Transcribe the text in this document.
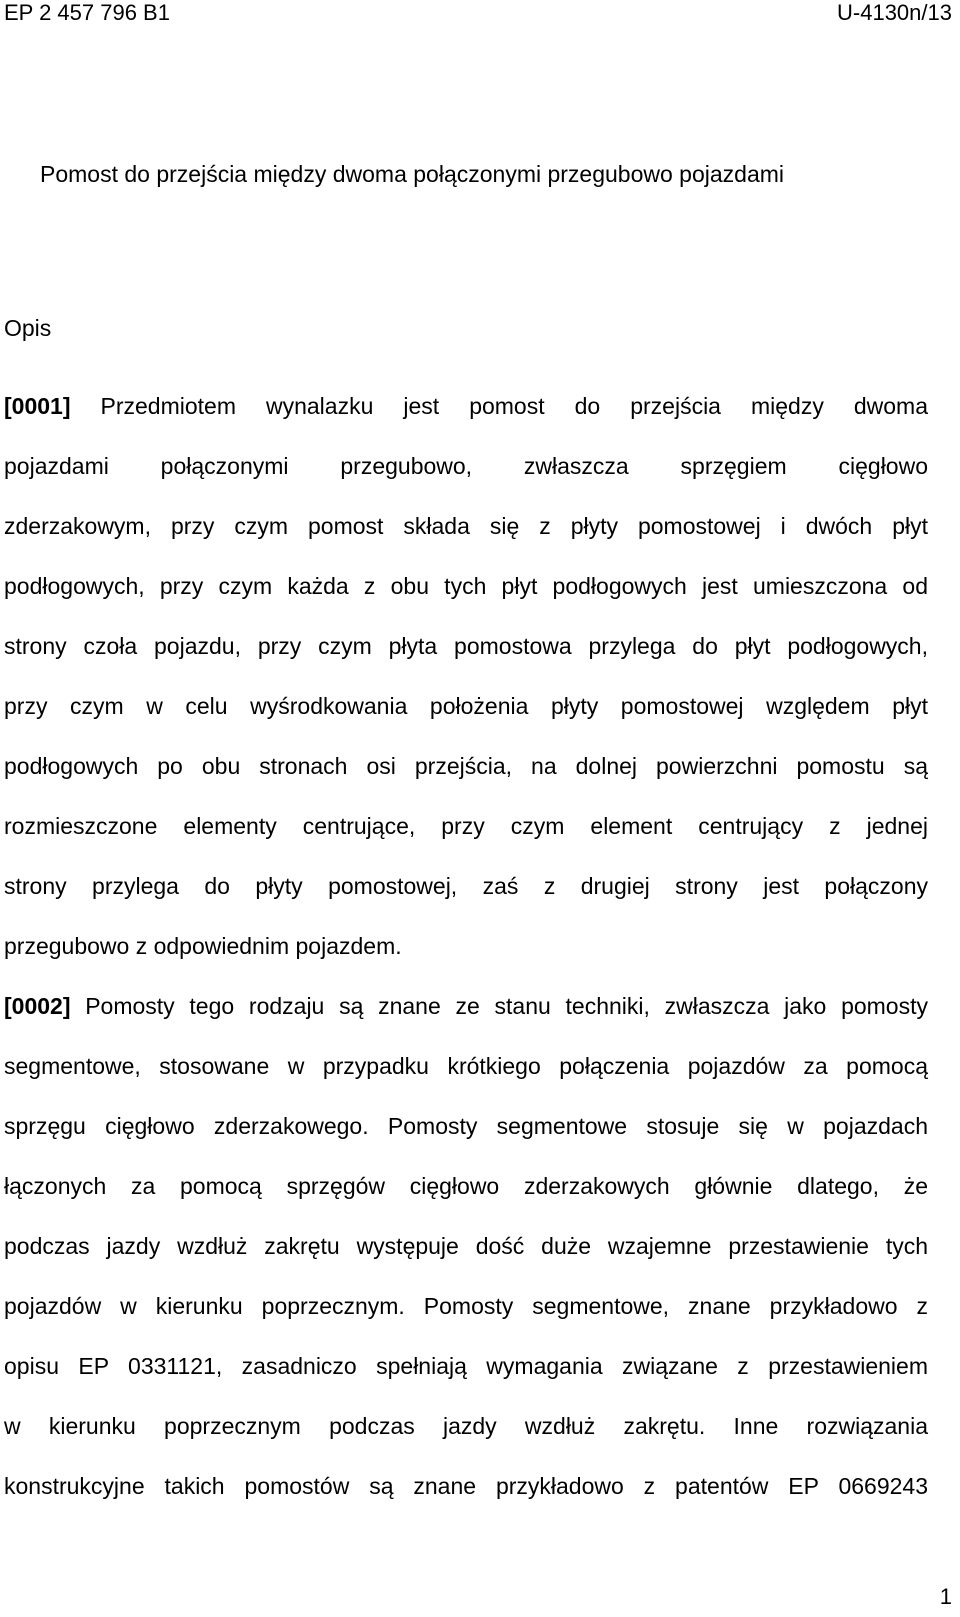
EP 2 457 796 B1	U-4130n/13
Pomost do przejścia między dwoma połączonymi przegubowo pojazdami
Opis
[0001] Przedmiotem wynalazku jest pomost do przejścia między dwoma
pojazdami połączonymi przegubowo, zwłaszcza sprzęgiem cięgłowo
zderzakowym, przy czym pomost składa się z płyty pomostowej i dwóch płyt
podłogowych, przy czym każda z obu tych płyt podłogowych jest umieszczona od
strony czoła pojazdu, przy czym płyta pomostowa przylega do płyt podłogowych,
przy czym w celu wyśrodkowania położenia płyty pomostowej względem płyt
podłogowych po obu stronach osi przejścia, na dolnej powierzchni pomostu są
rozmieszczone elementy centrujące, przy czym element centrujący z jednej
strony przylega do płyty pomostowej, zaś z drugiej strony jest połączony
przegubowo z odpowiednim pojazdem.
[0002] Pomosty tego rodzaju są znane ze stanu techniki, zwłaszcza jako pomosty
segmentowe, stosowane w przypadku krótkiego połączenia pojazdów za pomocą
sprzęgu cięgłowo zderzakowego. Pomosty segmentowe stosuje się w pojazdach
łączonych za pomocą sprzęgów cięgłowo zderzakowych głównie dlatego, że
podczas jazdy wzdłuż zakrętu występuje dość duże wzajemne przestawienie tych
pojazdów w kierunku poprzecznym. Pomosty segmentowe, znane przykładowo z
opisu EP 0331121, zasadniczo spełniają wymagania związane z przestawieniem
w kierunku poprzecznym podczas jazdy wzdłuż zakrętu. Inne rozwiązania
konstrukcyjne takich pomostów są znane przykładowo z patentów EP 0669243
1
